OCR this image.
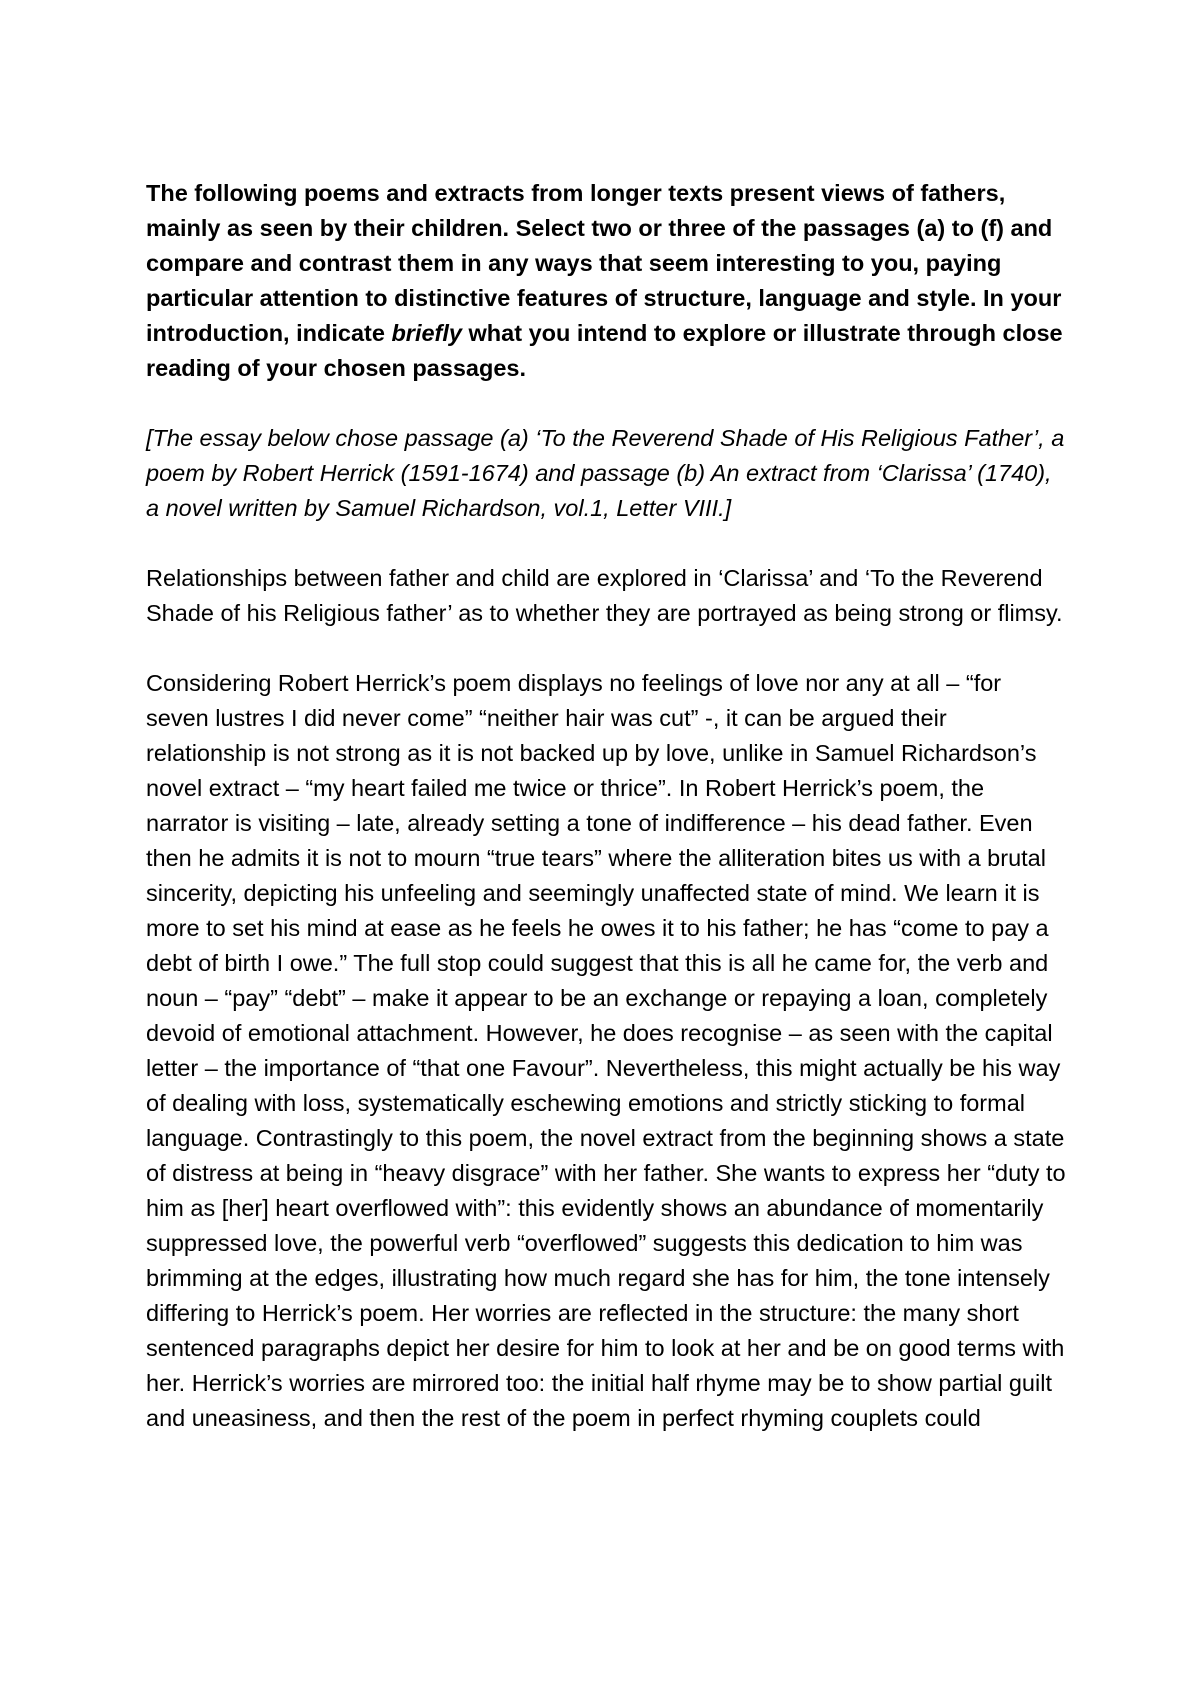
The following poems and extracts from longer texts present views of fathers, mainly as seen by their children. Select two or three of the passages (a) to (f) and compare and contrast them in any ways that seem interesting to you, paying particular attention to distinctive features of structure, language and style. In your introduction, indicate briefly what you intend to explore or illustrate through close reading of your chosen passages.

[The essay below chose passage (a) ‘To the Reverend Shade of His Religious Father’, a poem by Robert Herrick (1591-1674) and passage (b) An extract from ‘Clarissa’ (1740), a novel written by Samuel Richardson, vol.1, Letter VIII.]

Relationships between father and child are explored in ‘Clarissa’ and ‘To the Reverend Shade of his Religious father’ as to whether they are portrayed as being strong or flimsy.

Considering Robert Herrick’s poem displays no feelings of love nor any at all – “for seven lustres I did never come” “neither hair was cut” -, it can be argued their relationship is not strong as it is not backed up by love, unlike in Samuel Richardson’s novel extract – “my heart failed me twice or thrice”. In Robert Herrick’s poem, the narrator is visiting – late, already setting a tone of indifference – his dead father. Even then he admits it is not to mourn “true tears” where the alliteration bites us with a brutal sincerity, depicting his unfeeling and seemingly unaffected state of mind. We learn it is more to set his mind at ease as he feels he owes it to his father; he has “come to pay a debt of birth I owe.” The full stop could suggest that this is all he came for, the verb and noun – “pay” “debt” – make it appear to be an exchange or repaying a loan, completely devoid of emotional attachment. However, he does recognise – as seen with the capital letter – the importance of “that one Favour”. Nevertheless, this might actually be his way of dealing with loss, systematically eschewing emotions and strictly sticking to formal language. Contrastingly to this poem, the novel extract from the beginning shows a state of distress at being in “heavy disgrace” with her father. She wants to express her “duty to him as [her] heart overflowed with”: this evidently shows an abundance of momentarily suppressed love, the powerful verb “overflowed” suggests this dedication to him was brimming at the edges, illustrating how much regard she has for him, the tone intensely differing to Herrick’s poem. Her worries are reflected in the structure: the many short sentenced paragraphs depict her desire for him to look at her and be on good terms with her. Herrick’s worries are mirrored too: the initial half rhyme may be to show partial guilt and uneasiness, and then the rest of the poem in perfect rhyming couplets could
